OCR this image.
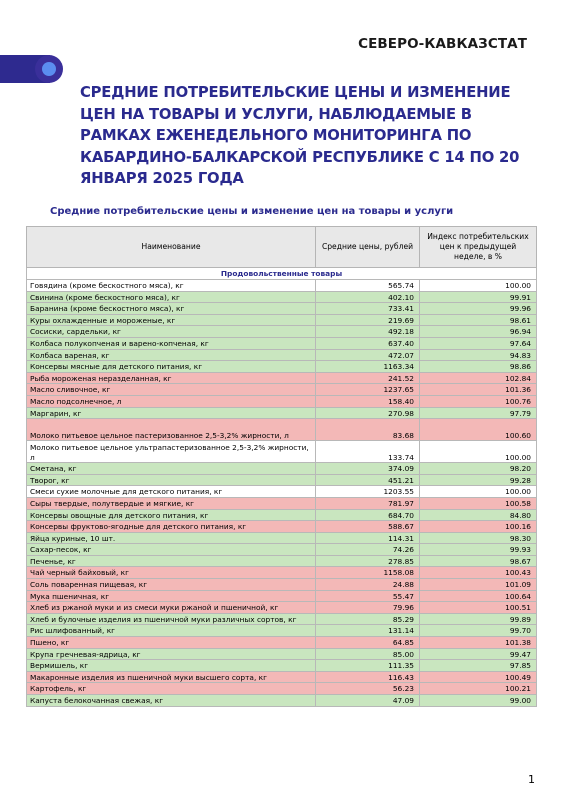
СЕВЕРО-КАВКАЗСТАТ
СРЕДНИЕ ПОТРЕБИТЕЛЬСКИЕ ЦЕНЫ И ИЗМЕНЕНИЕ ЦЕН НА ТОВАРЫ И УСЛУГИ, НАБЛЮДАЕМЫЕ В РАМКАХ ЕЖЕНЕДЕЛЬНОГО МОНИТОРИНГА ПО КАБАРДИНО-БАЛКАРСКОЙ РЕСПУБЛИКЕ С 14 ПО 20 ЯНВАРЯ 2025 ГОДА
Средние потребительские цены и изменение цен на товары и услуги
Наименование	Средние цены, рублей	Индекс потребительских цен к предыдущей неделе, в %
Продовольственные товары		
Говядина (кроме бескостного мяса), кг	565.74	100.00
Свинина (кроме бескостного мяса), кг	402.10	99.91
Баранина (кроме бескостного мяса), кг	733.41	99.96
Куры охлажденные и мороженые, кг	219.69	98.61
Сосиски, сардельки, кг	492.18	96.94
Колбаса полукопченая и варено-копченая, кг	637.40	97.64
Колбаса вареная, кг	472.07	94.83
Консервы мясные для детского питания, кг	1163.34	98.86
Рыба мороженая неразделанная, кг	241.52	102.84
Масло сливочное, кг	1237.65	101.36
Масло подсолнечное, л	158.40	100.76
Маргарин, кг	270.98	97.79
Молоко питьевое цельное пастеризованное 2,5-3,2% жирности, л	83.68	100.60
Молоко питьевое цельное ультрапастеризованное 2,5-3,2% жирности, л	133.74	100.00
Сметана, кг	374.09	98.20
Творог, кг	451.21	99.28
Смеси сухие молочные для детского питания, кг	1203.55	100.00
Сыры твердые, полутвердые и мягкие, кг	781.97	100.58
Консервы овощные для детского питания, кг	684.70	84.80
Консервы фруктово-ягодные для детского питания, кг	588.67	100.16
Яйца куриные, 10 шт.	114.31	98.30
Сахар-песок, кг	74.26	99.93
Печенье, кг	278.85	98.67
Чай черный байховый, кг	1158.08	100.43
Соль поваренная пищевая, кг	24.88	101.09
Мука пшеничная, кг	55.47	100.64
Хлеб из ржаной муки и из смеси муки ржаной и пшеничной, кг	79.96	100.51
Хлеб и булочные изделия из пшеничной муки различных сортов, кг	85.29	99.89
Рис шлифованный, кг	131.14	99.70
Пшено, кг	64.85	101.38
Крупа гречневая-ядрица, кг	85.00	99.47
Вермишель, кг	111.35	97.85
Макаронные изделия из пшеничной муки высшего сорта, кг	116.43	100.49
Картофель, кг	56.23	100.21
Капуста белокочанная свежая, кг	47.09	99.00
1
